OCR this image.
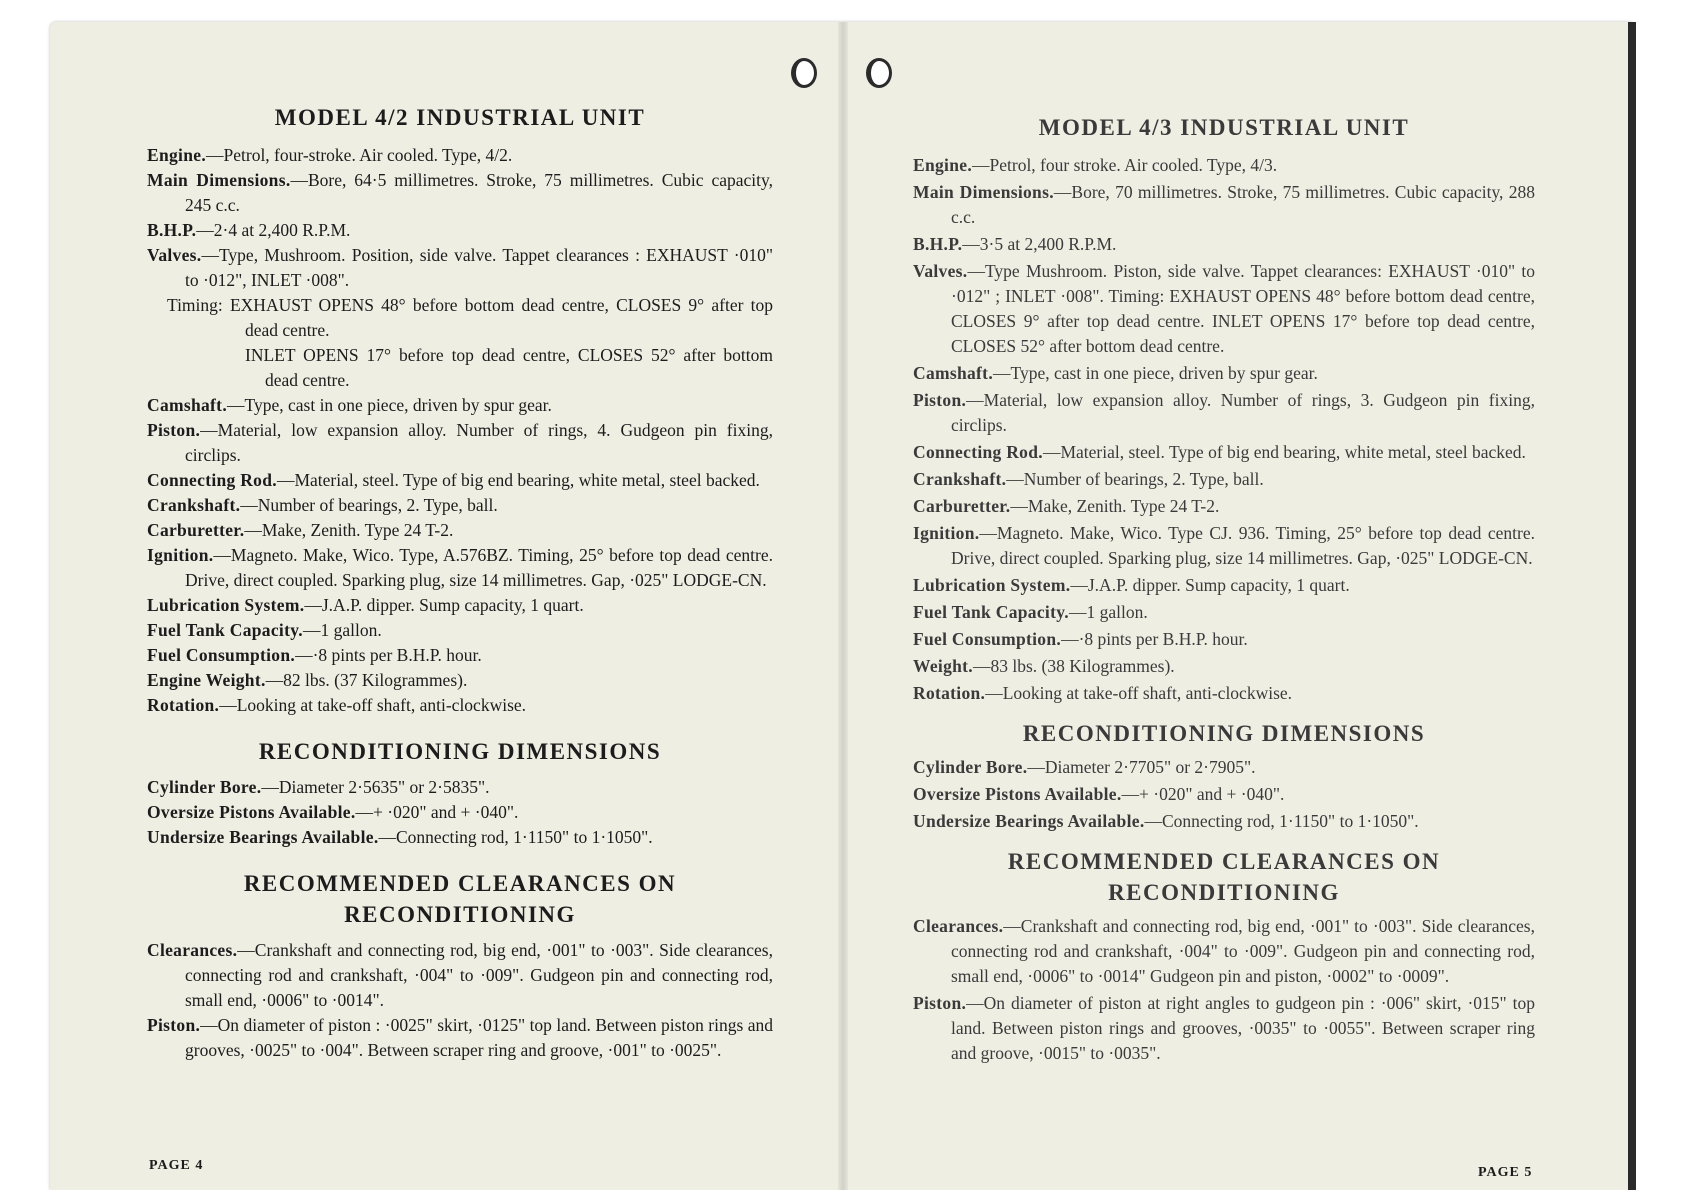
MODEL 4/2 INDUSTRIAL UNIT
Engine.—Petrol, four-stroke. Air cooled. Type, 4/2.
Main Dimensions.—Bore, 64·5 millimetres. Stroke, 75 millimetres. Cubic capacity, 245 c.c.
B.H.P.—2·4 at 2,400 R.P.M.
Valves.—Type, Mushroom. Position, side valve. Tappet clearances : EXHAUST ·010" to ·012", INLET ·008".
Timing: EXHAUST OPENS 48° before bottom dead centre, CLOSES 9° after top dead centre.
INLET OPENS 17° before top dead centre, CLOSES 52° after bottom dead centre.
Camshaft.—Type, cast in one piece, driven by spur gear.
Piston.—Material, low expansion alloy. Number of rings, 4. Gudgeon pin fixing, circlips.
Connecting Rod.—Material, steel. Type of big end bearing, white metal, steel backed.
Crankshaft.—Number of bearings, 2. Type, ball.
Carburetter.—Make, Zenith. Type 24 T-2.
Ignition.—Magneto. Make, Wico. Type, A.576BZ. Timing, 25° before top dead centre. Drive, direct coupled. Sparking plug, size 14 millimetres. Gap, ·025" LODGE-CN.
Lubrication System.—J.A.P. dipper. Sump capacity, 1 quart.
Fuel Tank Capacity.—1 gallon.
Fuel Consumption.—·8 pints per B.H.P. hour.
Engine Weight.—82 lbs. (37 Kilogrammes).
Rotation.—Looking at take-off shaft, anti-clockwise.
RECONDITIONING DIMENSIONS
Cylinder Bore.—Diameter 2·5635" or 2·5835".
Oversize Pistons Available.—+ ·020" and + ·040".
Undersize Bearings Available.—Connecting rod, 1·1150" to 1·1050".
RECOMMENDED CLEARANCES ON
RECONDITIONING
Clearances.—Crankshaft and connecting rod, big end, ·001" to ·003". Side clearances, connecting rod and crankshaft, ·004" to ·009". Gudgeon pin and connecting rod, small end, ·0006" to ·0014".
Piston.—On diameter of piston : ·0025" skirt, ·0125" top land. Between piston rings and grooves, ·0025" to ·004". Between scraper ring and groove, ·001" to ·0025".
PAGE 4
MODEL 4/3 INDUSTRIAL UNIT
Engine.—Petrol, four stroke. Air cooled. Type, 4/3.
Main Dimensions.—Bore, 70 millimetres. Stroke, 75 millimetres. Cubic capacity, 288 c.c.
B.H.P.—3·5 at 2,400 R.P.M.
Valves.—Type Mushroom. Piston, side valve. Tappet clearances: EXHAUST ·010" to ·012" ; INLET ·008". Timing: EXHAUST OPENS 48° before bottom dead centre, CLOSES 9° after top dead centre. INLET OPENS 17° before top dead centre, CLOSES 52° after bottom dead centre.
Camshaft.—Type, cast in one piece, driven by spur gear.
Piston.—Material, low expansion alloy. Number of rings, 3. Gudgeon pin fixing, circlips.
Connecting Rod.—Material, steel. Type of big end bearing, white metal, steel backed.
Crankshaft.—Number of bearings, 2. Type, ball.
Carburetter.—Make, Zenith. Type 24 T-2.
Ignition.—Magneto. Make, Wico. Type CJ. 936. Timing, 25° before top dead centre. Drive, direct coupled. Sparking plug, size 14 millimetres. Gap, ·025" LODGE-CN.
Lubrication System.—J.A.P. dipper. Sump capacity, 1 quart.
Fuel Tank Capacity.—1 gallon.
Fuel Consumption.—·8 pints per B.H.P. hour.
Weight.—83 lbs. (38 Kilogrammes).
Rotation.—Looking at take-off shaft, anti-clockwise.
RECONDITIONING DIMENSIONS
Cylinder Bore.—Diameter 2·7705" or 2·7905".
Oversize Pistons Available.—+ ·020" and + ·040".
Undersize Bearings Available.—Connecting rod, 1·1150" to 1·1050".
RECOMMENDED CLEARANCES ON
RECONDITIONING
Clearances.—Crankshaft and connecting rod, big end, ·001" to ·003". Side clearances, connecting rod and crankshaft, ·004" to ·009". Gudgeon pin and connecting rod, small end, ·0006" to ·0014" Gudgeon pin and piston, ·0002" to ·0009".
Piston.—On diameter of piston at right angles to gudgeon pin : ·006" skirt, ·015" top land. Between piston rings and grooves, ·0035" to ·0055". Between scraper ring and groove, ·0015" to ·0035".
PAGE 5
